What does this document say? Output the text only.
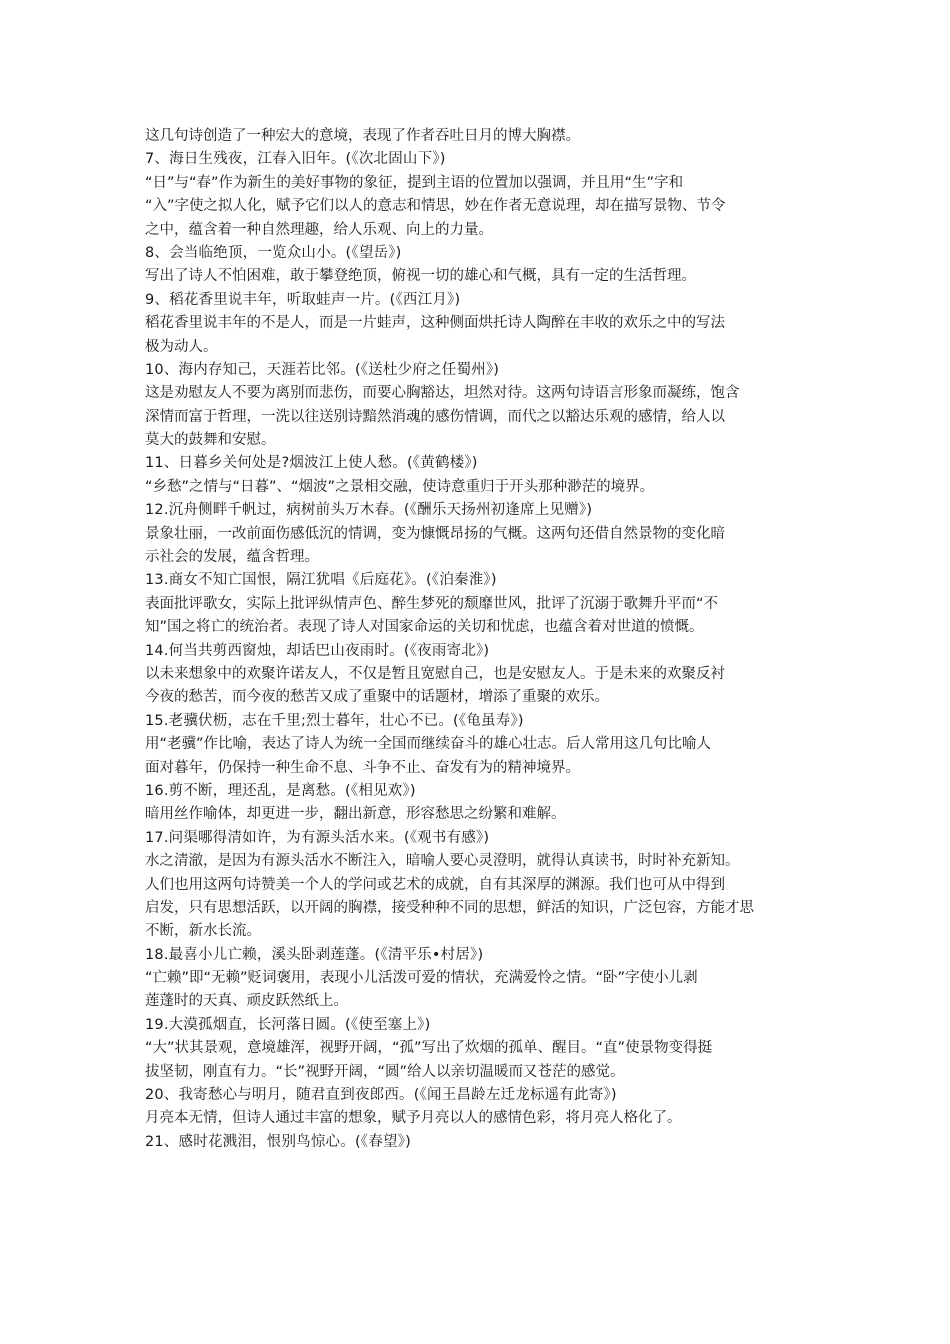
这几句诗创造了一种宏大的意境，表现了作者吞吐日月的博大胸襟。
7、海日生残夜，江春入旧年。(《次北固山下》)
“日”与“春”作为新生的美好事物的象征，提到主语的位置加以强调，并且用“生”字和
“入”字使之拟人化，赋予它们以人的意志和情思，妙在作者无意说理，却在描写景物、节令
之中，蕴含着一种自然理趣，给人乐观、向上的力量。
8、会当临绝顶，一览众山小。(《望岳》)
写出了诗人不怕困难，敢于攀登绝顶，俯视一切的雄心和气概，具有一定的生活哲理。
9、稻花香里说丰年，听取蛙声一片。(《西江月》)
稻花香里说丰年的不是人，而是一片蛙声，这种侧面烘托诗人陶醉在丰收的欢乐之中的写法
极为动人。
10、海内存知己，天涯若比邻。(《送杜少府之任蜀州》)
这是劝慰友人不要为离别而悲伤，而要心胸豁达，坦然对待。这两句诗语言形象而凝练，饱含
深情而富于哲理，一洗以往送别诗黯然消魂的感伤情调，而代之以豁达乐观的感情，给人以
莫大的鼓舞和安慰。
11、日暮乡关何处是?烟波江上使人愁。(《黄鹤楼》)
“乡愁”之情与“日暮”、“烟波”之景相交融，使诗意重归于开头那种渺茫的境界。
12.沉舟侧畔千帆过，病树前头万木春。(《酬乐天扬州初逢席上见赠》)
景象壮丽，一改前面伤感低沉的情调，变为慷慨昂扬的气概。这两句还借自然景物的变化暗
示社会的发展，蕴含哲理。
13.商女不知亡国恨，隔江犹唱《后庭花》。(《泊秦淮》)
表面批评歌女，实际上批评纵情声色、醉生梦死的颓靡世风，批评了沉溺于歌舞升平而“不
知”国之将亡的统治者。表现了诗人对国家命运的关切和忧虑，也蕴含着对世道的愤慨。
14.何当共剪西窗烛，却话巴山夜雨时。(《夜雨寄北》)
以未来想象中的欢聚许诺友人，不仅是暂且宽慰自己，也是安慰友人。于是未来的欢聚反衬
今夜的愁苦，而今夜的愁苦又成了重聚中的话题材，增添了重聚的欢乐。
15.老骥伏枥，志在千里;烈士暮年，壮心不已。(《龟虽寿》)
用“老骥”作比喻，表达了诗人为统一全国而继续奋斗的雄心壮志。后人常用这几句比喻人
面对暮年，仍保持一种生命不息、斗争不止、奋发有为的精神境界。
16.剪不断，理还乱，是离愁。(《相见欢》)
暗用丝作喻体，却更进一步，翻出新意，形容愁思之纷繁和难解。
17.问渠哪得清如许，为有源头活水来。(《观书有感》)
水之清澈，是因为有源头活水不断注入，暗喻人要心灵澄明，就得认真读书，时时补充新知。
人们也用这两句诗赞美一个人的学问或艺术的成就，自有其深厚的渊源。我们也可从中得到
启发，只有思想活跃，以开阔的胸襟，接受种种不同的思想，鲜活的知识，广泛包容，方能才思
不断，新水长流。
18.最喜小儿亡赖，溪头卧剥莲蓬。(《清平乐•村居》)
“亡赖”即“无赖”贬词褒用，表现小儿活泼可爱的情状，充满爱怜之情。“卧”字使小儿剥
莲蓬时的天真、顽皮跃然纸上。
19.大漠孤烟直，长河落日圆。(《使至塞上》)
“大”状其景观，意境雄浑，视野开阔，“孤”写出了炊烟的孤单、醒目。“直”使景物变得挺
拔坚韧，刚直有力。“长”视野开阔，“圆”给人以亲切温暖而又苍茫的感觉。
20、我寄愁心与明月，随君直到夜郎西。(《闻王昌龄左迁龙标遥有此寄》)
月亮本无情，但诗人通过丰富的想象，赋予月亮以人的感情色彩，将月亮人格化了。
21、感时花溅泪，恨别鸟惊心。(《春望》)
